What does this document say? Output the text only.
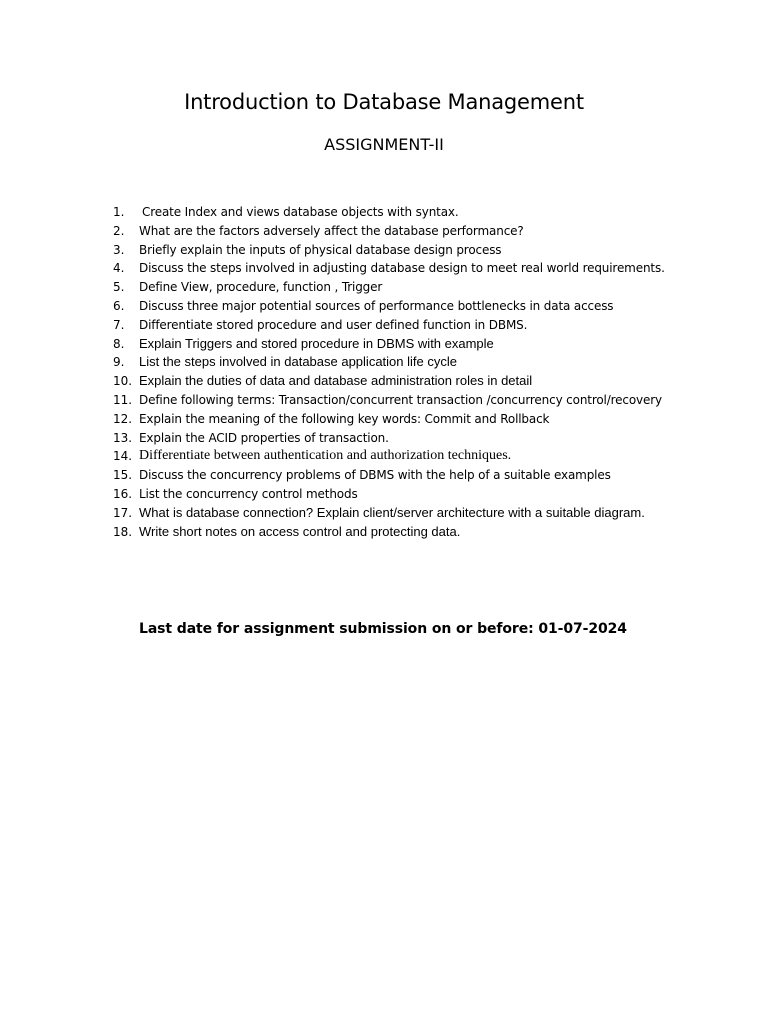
Introduction to Database Management
ASSIGNMENT-II
1.	Create Index and views database objects with syntax.
2.	What are the factors adversely affect the database performance?
3.	Briefly explain the inputs of physical database design process
4.	Discuss the steps involved in adjusting database design to meet real world requirements.
5.	Define View, procedure, function , Trigger
6.	Discuss three major potential sources of performance bottlenecks in data access
7.	Differentiate stored procedure and user defined function in DBMS.
8.	Explain Triggers and stored procedure in DBMS with example
9.	List the steps involved in database application life cycle
10. Explain the duties of data and database administration roles in detail
11. Define following terms: Transaction/concurrent transaction /concurrency control/recovery
12. Explain the meaning of the following key words: Commit and Rollback
13. Explain the ACID properties of transaction.
14. Differentiate between authentication and authorization techniques.
15. Discuss the concurrency problems of DBMS with the help of a suitable examples
16. List the concurrency control methods
17. What is database connection? Explain client/server architecture with a suitable diagram.
18. Write short notes on access control and protecting data.
Last date for assignment submission on or before: 01-07-2024
